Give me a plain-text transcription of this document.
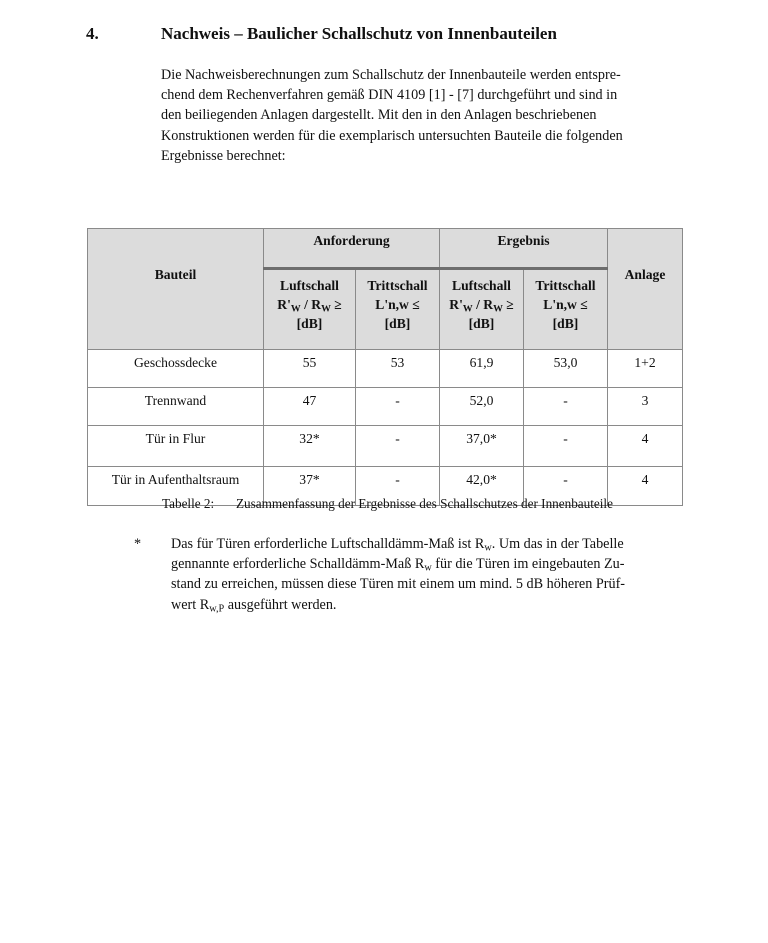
4.	Nachweis – Baulicher Schallschutz von Innenbauteilen
Die Nachweisberechnungen zum Schallschutz der Innenbauteile werden entspre-
chend dem Rechenverfahren gemäß DIN 4109 [1] - [7] durchgeführt und sind in
den beiliegenden Anlagen dargestellt. Mit den in den Anlagen beschriebenen
Konstruktionen werden für die exemplarisch untersuchten Bauteile die folgenden
Ergebnisse berechnet:
Bauteil	Anforderung		Ergebnis		Anlage
	Luftschall
$R'_W / R_W$ ≥
[dB]	Trittschall
L'n,w ≤
[dB]	Luftschall
$R'_W / R_W$ ≥
[dB]	Trittschall
L'n,w ≤
[dB]	
Geschossdecke	55	53	61,9	53,0	1+2
Trennwand	47	-	52,0	-	3
Tür in Flur	32*	-	37,0*	-	4
Tür in Aufenthaltsraum	37*	-	42,0*	-	4
Tabelle 2: Zusammenfassung der Ergebnisse des Schallschutzes der Innenbauteile
* Das für Türen erforderliche Luftschalldämm-Maß ist $R_w$. Um das in der Tabelle
gennannte erforderliche Schalldämm-Maß $R_w$ für die Türen im eingebauten Zu-
stand zu erreichen, müssen diese Türen mit einem um mind. 5 dB höheren Prüf-
wert $R_{w,P}$ ausgeführt werden.
